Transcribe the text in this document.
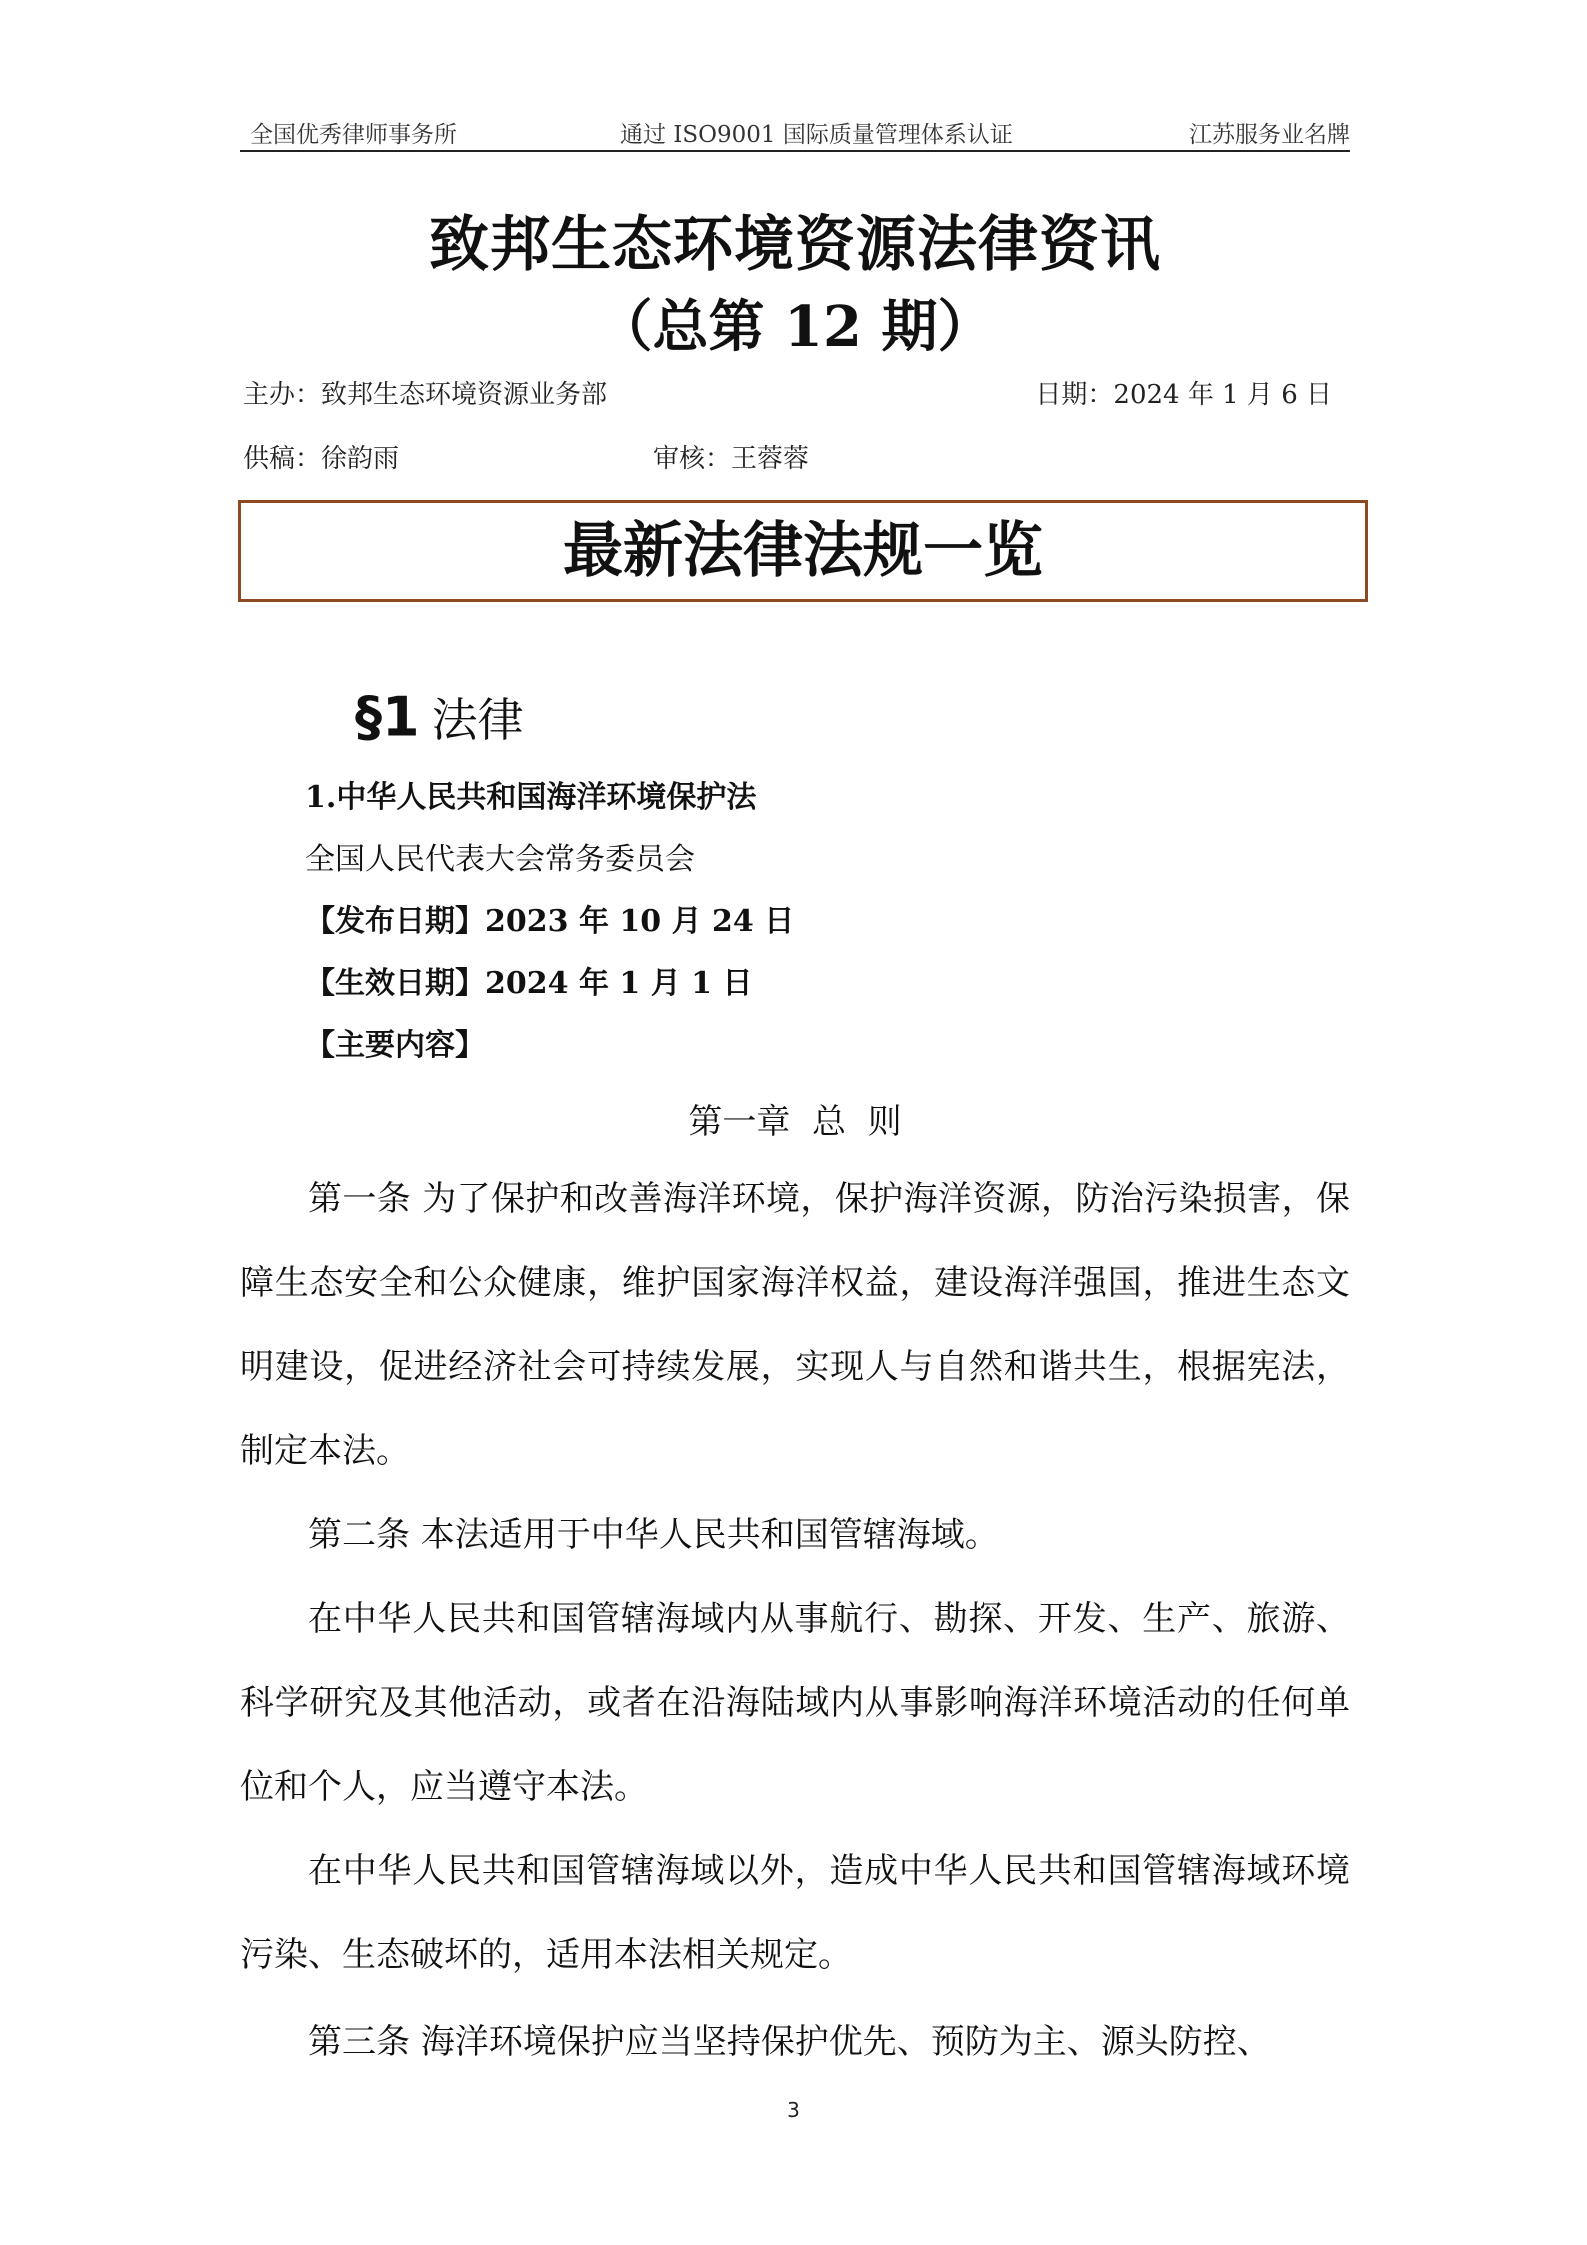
全国优秀律师事务所	通过 ISO9001 国际质量管理体系认证	江苏服务业名牌
致邦生态环境资源法律资讯
（总第 12 期）
主办：致邦生态环境资源业务部	日期：2024 年 1 月 6 日
供稿：徐韵雨	审核：王蓉蓉
最新法律法规一览
§1 法律
1.中华人民共和国海洋环境保护法
全国人民代表大会常务委员会
【发布日期】2023 年 10 月 24 日
【生效日期】2024 年 1 月 1 日
【主要内容】
第一章  总  则

第一条 为了保护和改善海洋环境，保护海洋资源，防治污染损害，保障生态安全和公众健康，维护国家海洋权益，建设海洋强国，推进生态文明建设，促进经济社会可持续发展，实现人与自然和谐共生，根据宪法，制定本法。

第二条 本法适用于中华人民共和国管辖海域。

在中华人民共和国管辖海域内从事航行、勘探、开发、生产、旅游、科学研究及其他活动，或者在沿海陆域内从事影响海洋环境活动的任何单位和个人，应当遵守本法。

在中华人民共和国管辖海域以外，造成中华人民共和国管辖海域环境污染、生态破坏的，适用本法相关规定。

第三条 海洋环境保护应当坚持保护优先、预防为主、源头防控、

3
